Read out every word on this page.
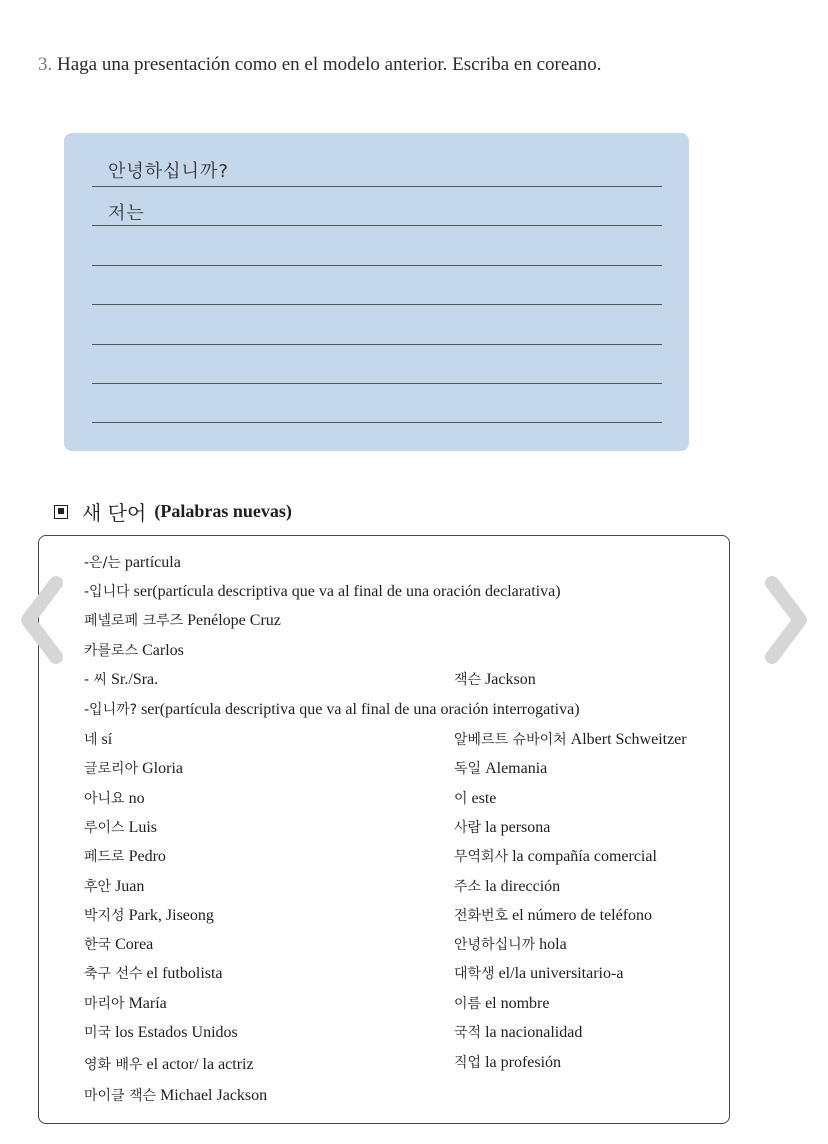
3. Haga una presentación como en el modelo anterior. Escriba en coreano.
안녕하십니까?
저는
새 단어 (Palabras nuevas)
-은/는 partícula
-입니다 ser(partícula descriptiva que va al final de una oración declarativa)
페넬로페 크루즈 Penélope Cruz
카를로스 Carlos
- 씨 Sr./Sra.	잭슨 Jackson
-입니까? ser(partícula descriptiva que va al final de una oración interrogativa)
네 sí	알베르트 슈바이처 Albert Schweitzer
글로리아 Gloria	독일 Alemania
아니요 no	이 este
루이스 Luis	사람 la persona
페드로 Pedro	무역회사 la compañía comercial
후안 Juan	주소 la dirección
박지성 Park, Jiseong	전화번호 el número de teléfono
한국 Corea	안녕하십니까 hola
축구 선수 el futbolista	대학생 el/la universitario-a
마리아 María	이름 el nombre
미국 los Estados Unidos	국적 la nacionalidad
영화 배우 el actor/ la actriz	직업 la profesión
마이클 잭슨 Michael Jackson
